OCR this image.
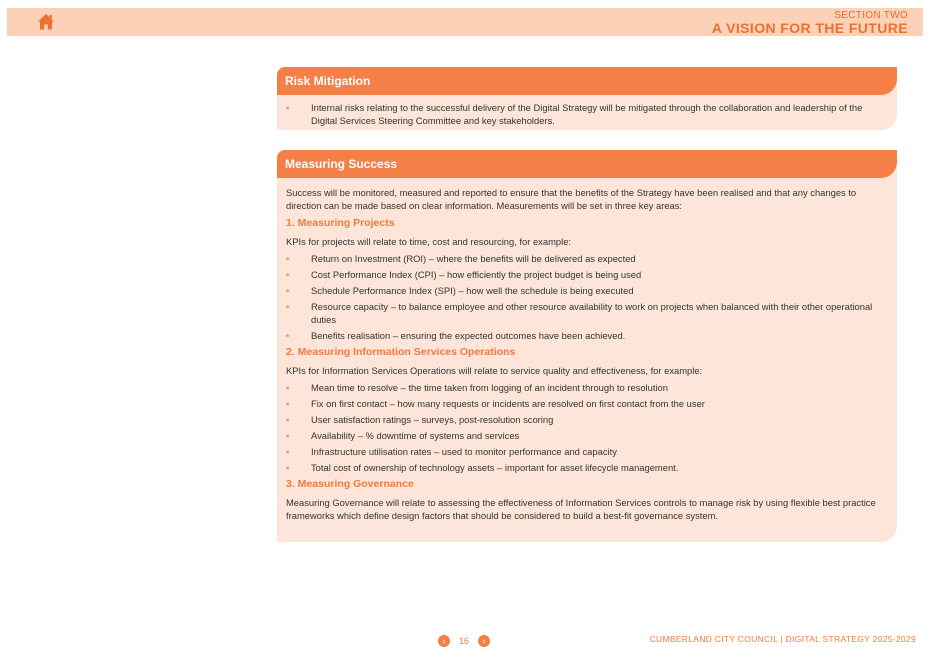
SECTION TWO
A VISION FOR THE FUTURE
Risk Mitigation
• Internal risks relating to the successful delivery of the Digital Strategy will be mitigated through the collaboration and leadership of the Digital Services Steering Committee and key stakeholders.
Measuring Success

Success will be monitored, measured and reported to ensure that the benefits of the Strategy have been realised and that any changes to direction can be made based on clear information. Measurements will be set in three key areas:

1. Measuring Projects

KPIs for projects will relate to time, cost and resourcing, for example:

• Return on Investment (ROI) – where the benefits will be delivered as expected
• Cost Performance Index (CPI) – how efficiently the project budget is being used
• Schedule Performance Index (SPI) – how well the schedule is being executed
• Resource capacity – to balance employee and other resource availability to work on projects when balanced with their other operational duties
• Benefits realisation – ensuring the expected outcomes have been achieved.
2. Measuring Information Services Operations

KPIs for Information Services Operations will relate to service quality and effectiveness, for example:

• Mean time to resolve – the time taken from logging of an incident through to resolution
• Fix on first contact – how many requests or incidents are resolved on first contact from the user
• User satisfaction ratings – surveys, post-resolution scoring
• Availability – % downtime of systems and services
• Infrastructure utilisation rates – used to monitor performance and capacity
• Total cost of ownership of technology assets – important for asset lifecycle management.
3. Measuring Governance

Measuring Governance will relate to assessing the effectiveness of Information Services controls to manage risk by using flexible best practice frameworks which define design factors that should be considered to build a best-fit governance system.

‹	16	›	CUMBERLAND CITY COUNCIL | DIGITAL STRATEGY 2025-2029
